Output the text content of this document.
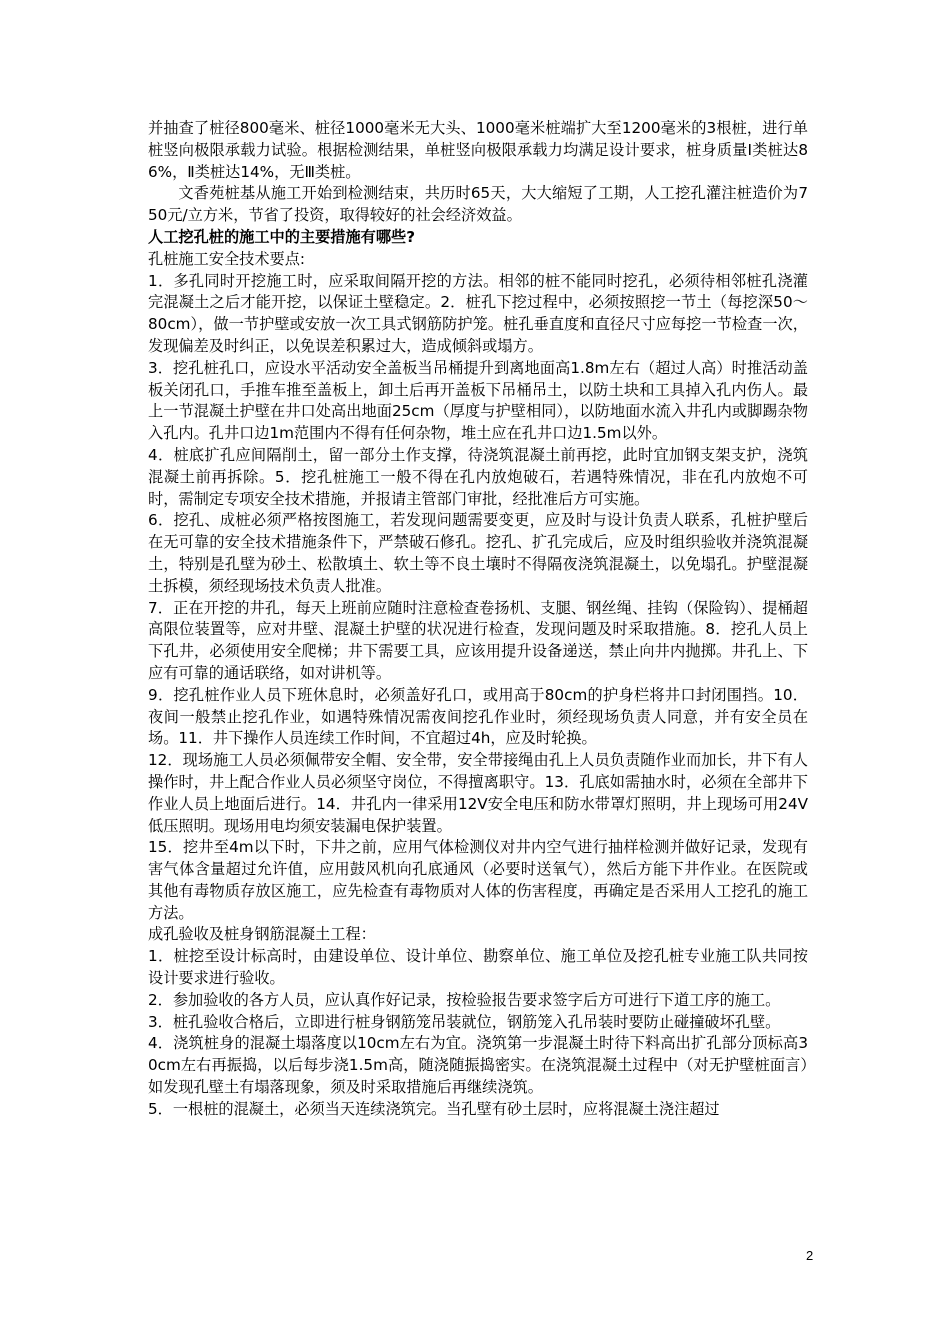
并抽查了桩径800毫米、桩径1000毫米无大头、1000毫米桩端扩大至1200毫米的3根桩，进行单桩竖向极限承载力试验。根据检测结果，单桩竖向极限承载力均满足设计要求，桩身质量Ⅰ类桩达86%，Ⅱ类桩达14%，无Ⅲ类桩。

文香苑桩基从施工开始到检测结束，共历时65天，大大缩短了工期，人工挖孔灌注桩造价为750元/立方米，节省了投资，取得较好的社会经济效益。

人工挖孔桩的施工中的主要措施有哪些?

孔桩施工安全技术要点:

1．多孔同时开挖施工时，应采取间隔开挖的方法。相邻的桩不能同时挖孔，必须待相邻桩孔浇灌完混凝土之后才能开挖，以保证土壁稳定。2．桩孔下挖过程中，必须按照挖一节土（每挖深50～80cm），做一节护壁或安放一次工具式钢筋防护笼。桩孔垂直度和直径尺寸应每挖一节检查一次，发现偏差及时纠正，以免误差积累过大，造成倾斜或塌方。

3．挖孔桩孔口，应设水平活动安全盖板当吊桶提升到离地面高1.8m左右（超过人高）时推活动盖板关闭孔口，手推车推至盖板上，卸土后再开盖板下吊桶吊土，以防土块和工具掉入孔内伤人。最上一节混凝土护壁在井口处高出地面25cm（厚度与护壁相同），以防地面水流入井孔内或脚踢杂物入孔内。孔井口边1m范围内不得有任何杂物，堆土应在孔井口边1.5m以外。

4．桩底扩孔应间隔削土，留一部分土作支撑，待浇筑混凝土前再挖，此时宜加钢支架支护，浇筑混凝土前再拆除。5．挖孔桩施工一般不得在孔内放炮破石，若遇特殊情况，非在孔内放炮不可时，需制定专项安全技术措施，并报请主管部门审批，经批准后方可实施。

6．挖孔、成桩必须严格按图施工，若发现问题需要变更，应及时与设计负责人联系，孔桩护壁后在无可靠的安全技术措施条件下，严禁破石修孔。挖孔、扩孔完成后，应及时组织验收并浇筑混凝土，特别是孔壁为砂土、松散填土、软土等不良土壤时不得隔夜浇筑混凝土，以免塌孔。护壁混凝土拆模，须经现场技术负责人批准。

7．正在开挖的井孔，每天上班前应随时注意检查卷扬机、支腿、钢丝绳、挂钩（保险钩）、提桶超高限位装置等，应对井壁、混凝土护壁的状况进行检查，发现问题及时采取措施。8．挖孔人员上下孔井，必须使用安全爬梯；井下需要工具，应该用提升设备递送，禁止向井内抛掷。井孔上、下应有可靠的通话联络，如对讲机等。

9．挖孔桩作业人员下班休息时，必须盖好孔口，或用高于80cm的护身栏将井口封闭围挡。10．夜间一般禁止挖孔作业，如遇特殊情况需夜间挖孔作业时，须经现场负责人同意，并有安全员在场。11．井下操作人员连续工作时间，不宜超过4h，应及时轮换。

12．现场施工人员必须佩带安全帽、安全带，安全带接绳由孔上人员负责随作业而加长，井下有人操作时，井上配合作业人员必须坚守岗位，不得擅离职守。13．孔底如需抽水时，必须在全部井下作业人员上地面后进行。14．井孔内一律采用12V安全电压和防水带罩灯照明，井上现场可用24V低压照明。现场用电均须安装漏电保护装置。

15．挖井至4m以下时，下井之前，应用气体检测仪对井内空气进行抽样检测并做好记录，发现有害气体含量超过允许值，应用鼓风机向孔底通风（必要时送氧气），然后方能下井作业。在医院或其他有毒物质存放区施工，应先检查有毒物质对人体的伤害程度，再确定是否采用人工挖孔的施工方法。

成孔验收及桩身钢筋混凝土工程：

1．桩挖至设计标高时，由建设单位、设计单位、勘察单位、施工单位及挖孔桩专业施工队共同按设计要求进行验收。

2．参加验收的各方人员，应认真作好记录，按检验报告要求签字后方可进行下道工序的施工。

3．桩孔验收合格后，立即进行桩身钢筋笼吊装就位，钢筋笼入孔吊装时要防止碰撞破坏孔壁。

4．浇筑桩身的混凝土塌落度以10cm左右为宜。浇筑第一步混凝土时待下料高出扩孔部分顶标高30cm左右再振捣，以后每步浇1.5m高，随浇随振捣密实。在浇筑混凝土过程中（对无护壁桩面言）如发现孔壁土有塌落现象，须及时采取措施后再继续浇筑。

5．一根桩的混凝土，必须当天连续浇筑完。当孔壁有砂土层时，应将混凝土浇注超过

2
